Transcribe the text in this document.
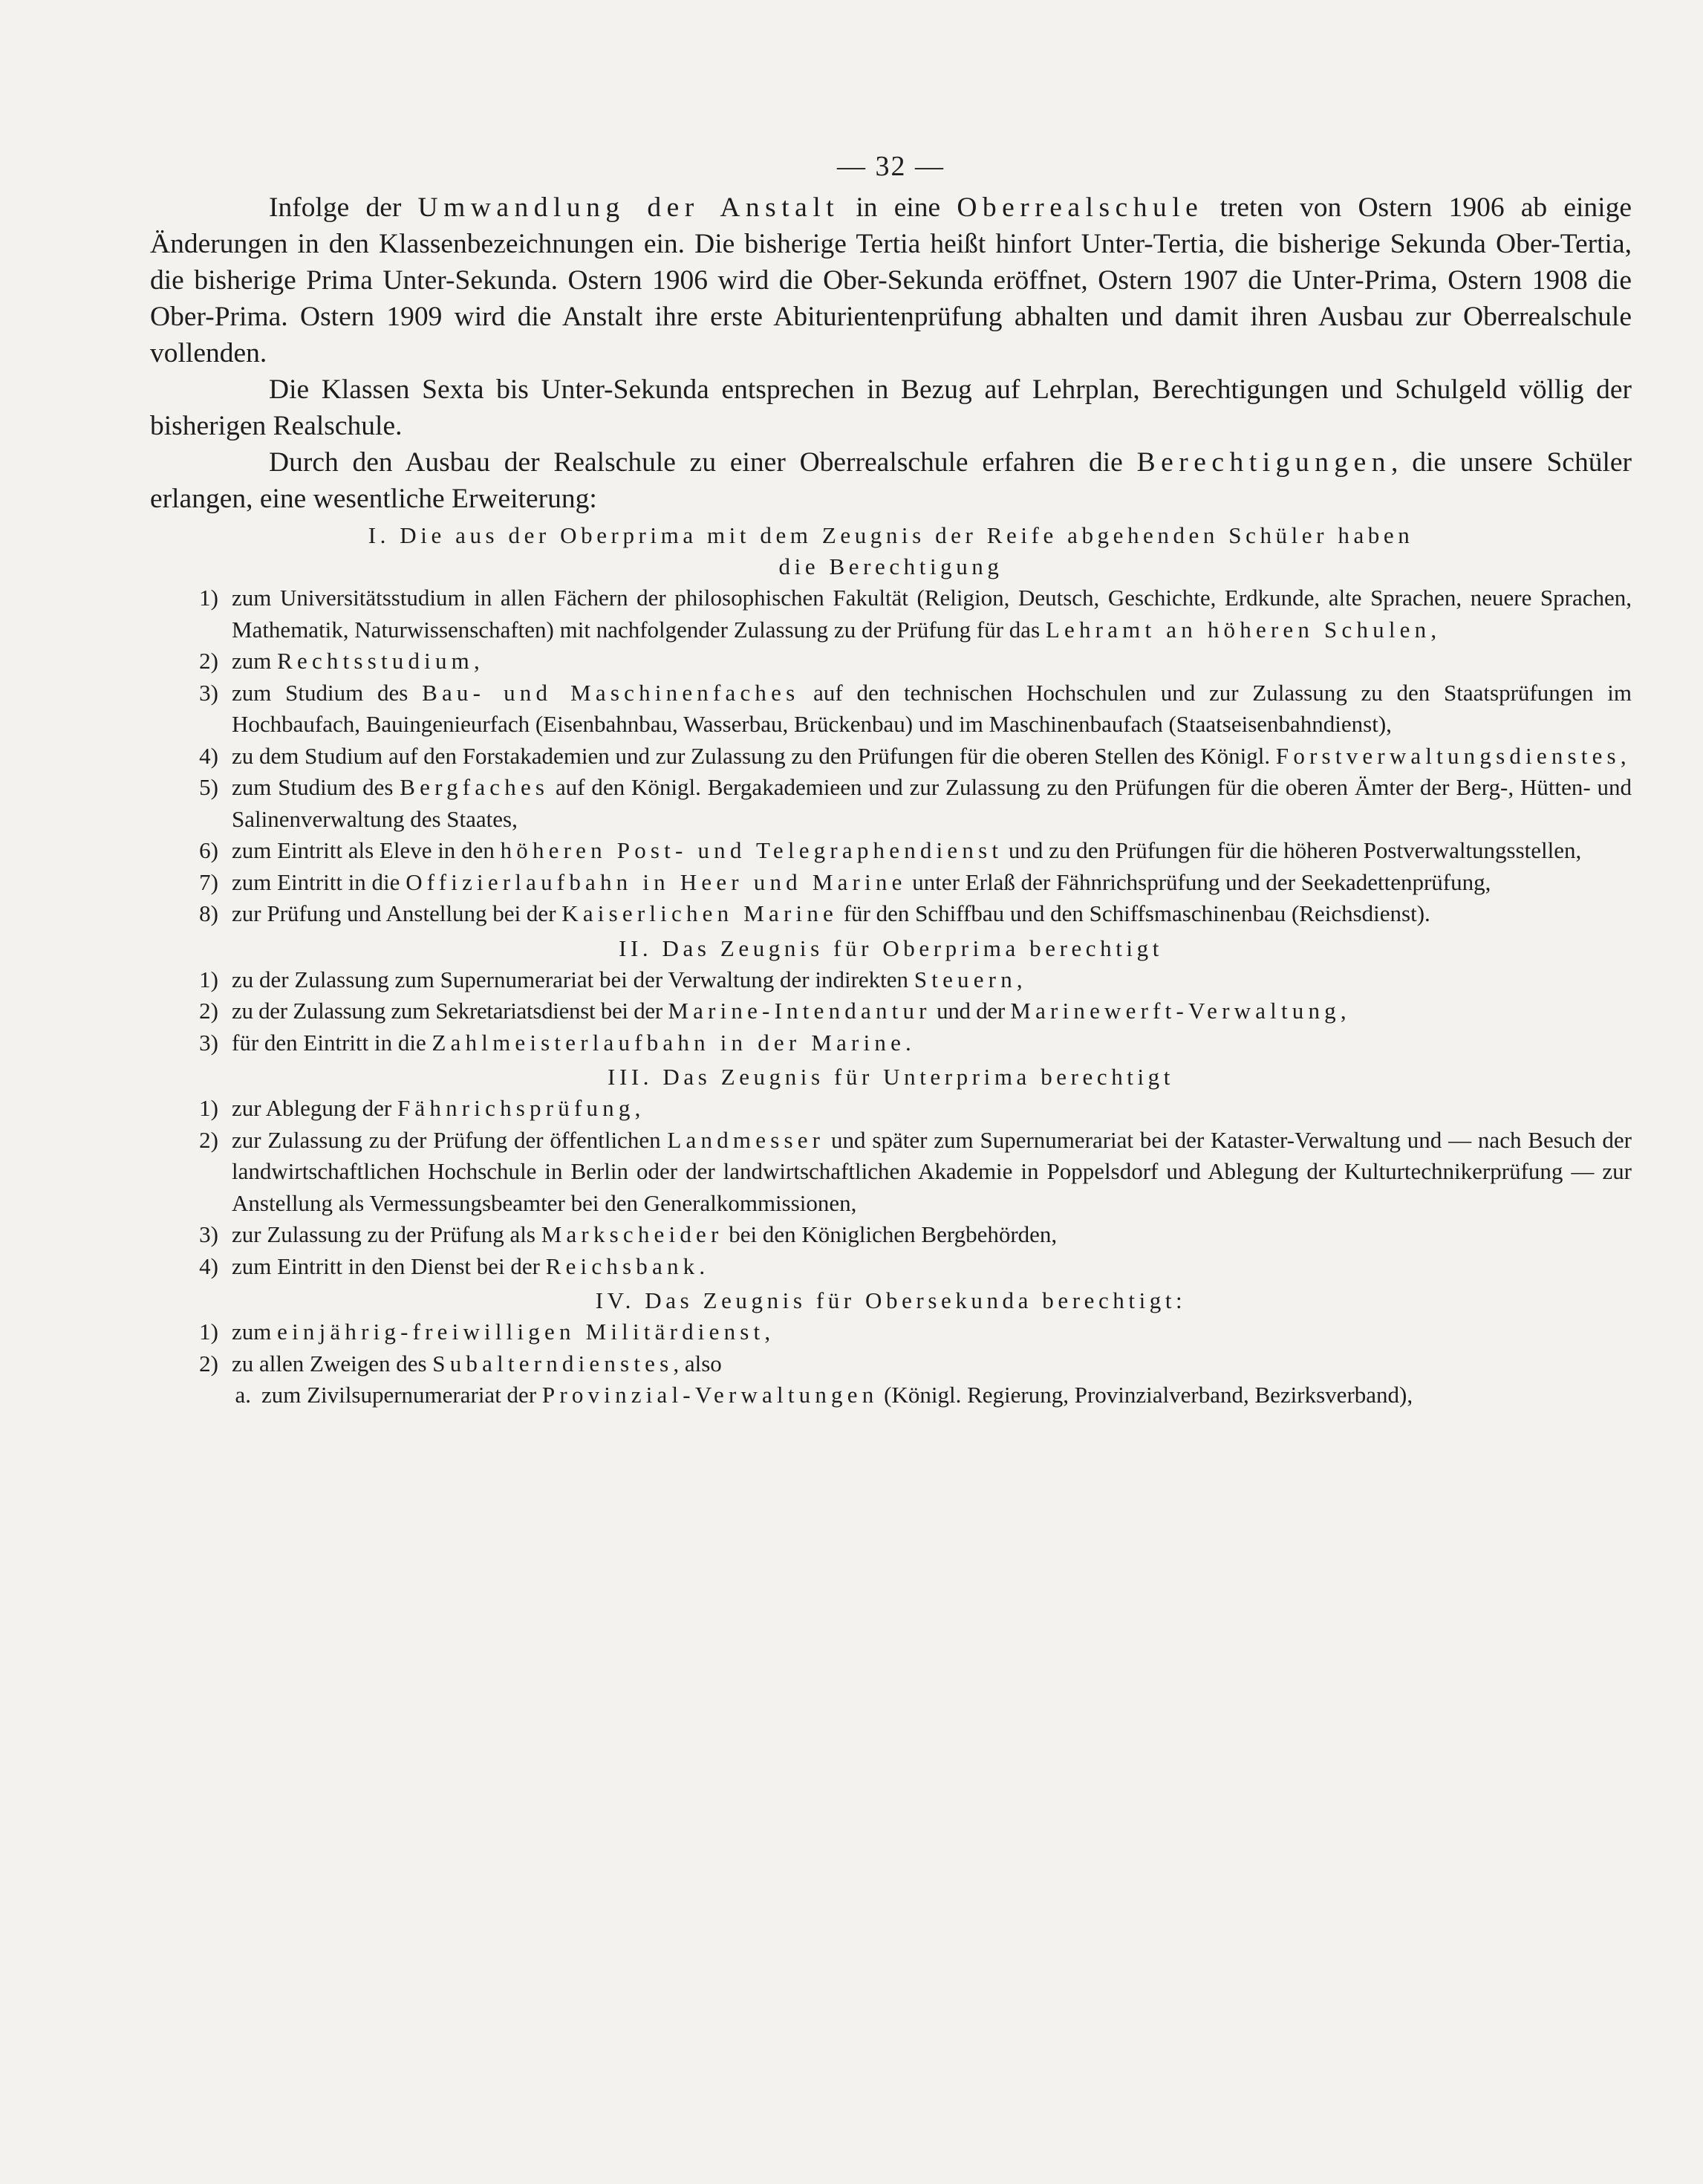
— 32 —

Infolge der Umwandlung der Anstalt in eine Oberrealschule treten von Ostern 1906 ab einige Änderungen in den Klassenbezeichnungen ein. Die bisherige Tertia heißt hinfort Unter-Tertia, die bisherige Sekunda Ober-Tertia, die bisherige Prima Unter-Sekunda. Ostern 1906 wird die Ober-Sekunda eröffnet, Ostern 1907 die Unter-Prima, Ostern 1908 die Ober-Prima. Ostern 1909 wird die Anstalt ihre erste Abiturientenprüfung abhalten und damit ihren Ausbau zur Oberrealschule vollenden.

Die Klassen Sexta bis Unter-Sekunda entsprechen in Bezug auf Lehrplan, Berechtigungen und Schulgeld völlig der bisherigen Realschule.

Durch den Ausbau der Realschule zu einer Oberrealschule erfahren die Berechtigungen, die unsere Schüler erlangen, eine wesentliche Erweiterung:

I. Die aus der Oberprima mit dem Zeugnis der Reife abgehenden Schüler haben
die Berechtigung
1) zum Universitätsstudium in allen Fächern der philosophischen Fakultät (Religion, Deutsch, Geschichte, Erdkunde, alte Sprachen, neuere Sprachen, Mathematik, Naturwissenschaften) mit nachfolgender Zulassung zu der Prüfung für das Lehramt an höheren Schulen,
2) zum Rechtsstudium,
3) zum Studium des Bau- und Maschinenfaches auf den technischen Hochschulen und zur Zulassung zu den Staatsprüfungen im Hochbaufach, Bauingenieurfach (Eisenbahnbau, Wasserbau, Brückenbau) und im Maschinenbaufach (Staatseisenbahndienst),
4) zu dem Studium auf den Forstakademien und zur Zulassung zu den Prüfungen für die oberen Stellen des Königl. Forstverwaltungsdienstes,
5) zum Studium des Bergfaches auf den Königl. Bergakademieen und zur Zulassung zu den Prüfungen für die oberen Ämter der Berg-, Hütten- und Salinenverwaltung des Staates,
6) zum Eintritt als Eleve in den höheren Post- und Telegraphendienst und zu den Prüfungen für die höheren Postverwaltungsstellen,
7) zum Eintritt in die Offizierlaufbahn in Heer und Marine unter Erlaß der Fähnrichsprüfung und der Seekadettenprüfung,
8) zur Prüfung und Anstellung bei der Kaiserlichen Marine für den Schiffbau und den Schiffsmaschinenbau (Reichsdienst).
II. Das Zeugnis für Oberprima berechtigt
1) zu der Zulassung zum Supernumerariat bei der Verwaltung der indirekten Steuern,
2) zu der Zulassung zum Sekretariatsdienst bei der Marine-Intendantur und der Marinewerft-Verwaltung,
3) für den Eintritt in die Zahlmeisterlaufbahn in der Marine.
III. Das Zeugnis für Unterprima berechtigt
1) zur Ablegung der Fähnrichsprüfung,
2) zur Zulassung zu der Prüfung der öffentlichen Landmesser und später zum Supernumerariat bei der Kataster-Verwaltung und — nach Besuch der landwirtschaftlichen Hochschule in Berlin oder der landwirtschaftlichen Akademie in Poppelsdorf und Ablegung der Kulturtechnikerprüfung — zur Anstellung als Vermessungsbeamter bei den Generalkommissionen,
3) zur Zulassung zu der Prüfung als Markscheider bei den Königlichen Bergbehörden,
4) zum Eintritt in den Dienst bei der Reichsbank.
IV. Das Zeugnis für Obersekunda berechtigt:
1) zum einjährig-freiwilligen Militärdienst,
2) zu allen Zweigen des Subalterndienstes, also
a. zum Zivilsupernumerariat der Provinzial-Verwaltungen (Königl. Regierung, Provinzialverband, Bezirksverband),
